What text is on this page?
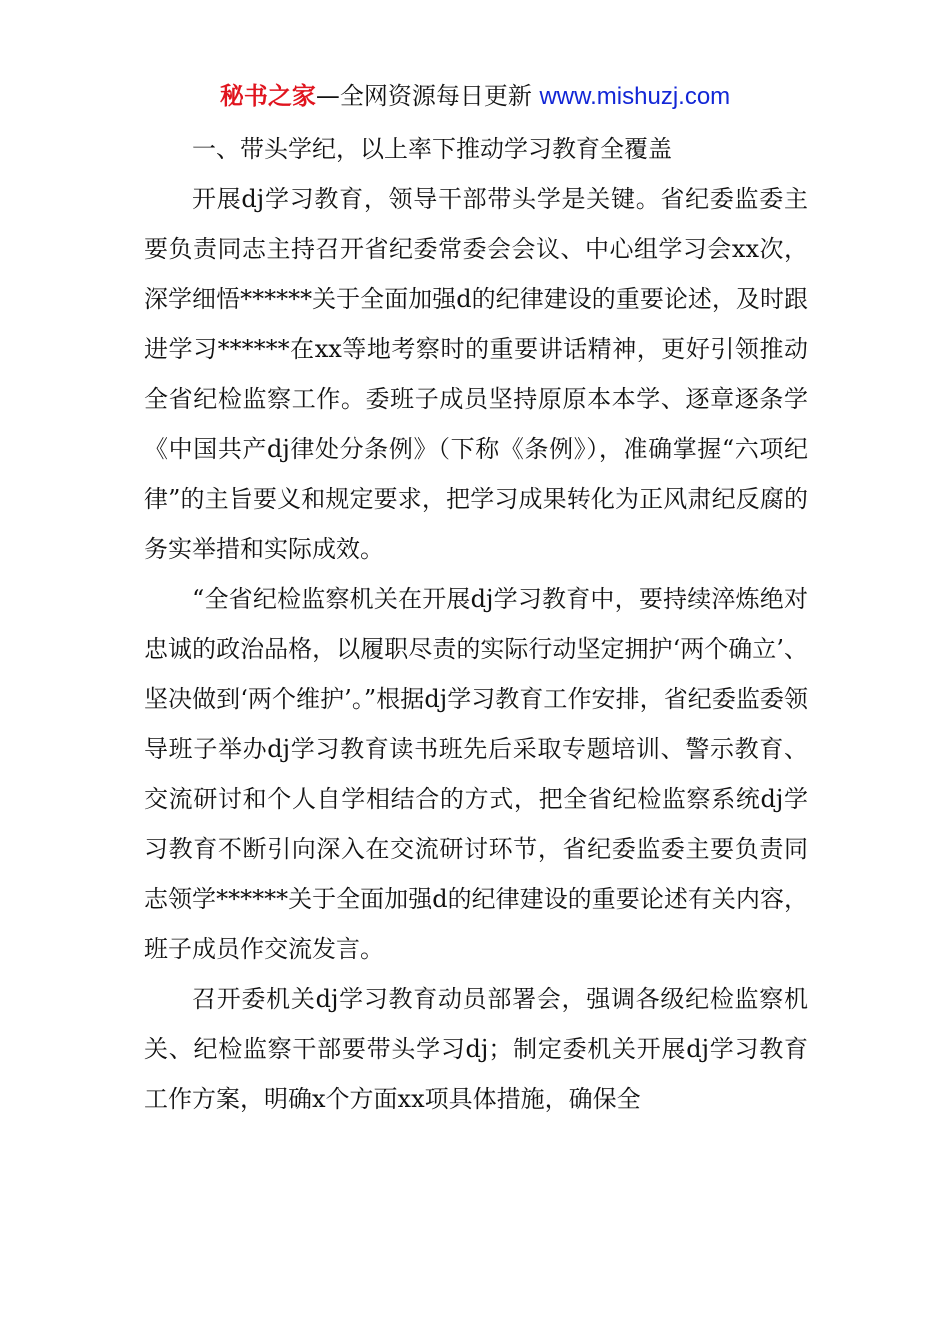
秘书之家—全网资源每日更新 www.mishuzj.com

一、带头学纪，以上率下推动学习教育全覆盖

开展dj学习教育，领导干部带头学是关键。省纪委监委主要负责同志主持召开省纪委常委会会议、中心组学习会xx次，深学细悟******关于全面加强d的纪律建设的重要论述，及时跟进学习******在xx等地考察时的重要讲话精神，更好引领推动全省纪检监察工作。委班子成员坚持原原本本学、逐章逐条学《中国共产dj律处分条例》（下称《条例》），准确掌握“六项纪律”的主旨要义和规定要求，把学习成果转化为正风肃纪反腐的务实举措和实际成效。

“全省纪检监察机关在开展dj学习教育中，要持续淬炼绝对忠诚的政治品格，以履职尽责的实际行动坚定拥护‘两个确立’、坚决做到‘两个维护’。”根据dj学习教育工作安排，省纪委监委领导班子举办dj学习教育读书班先后采取专题培训、警示教育、交流研讨和个人自学相结合的方式，把全省纪检监察系统dj学习教育不断引向深入在交流研讨环节，省纪委监委主要负责同志领学******关于全面加强d的纪律建设的重要论述有关内容，班子成员作交流发言。

召开委机关dj学习教育动员部署会，强调各级纪检监察机关、纪检监察干部要带头学习dj；制定委机关开展dj学习教育工作方案，明确x个方面xx项具体措施，确保全
